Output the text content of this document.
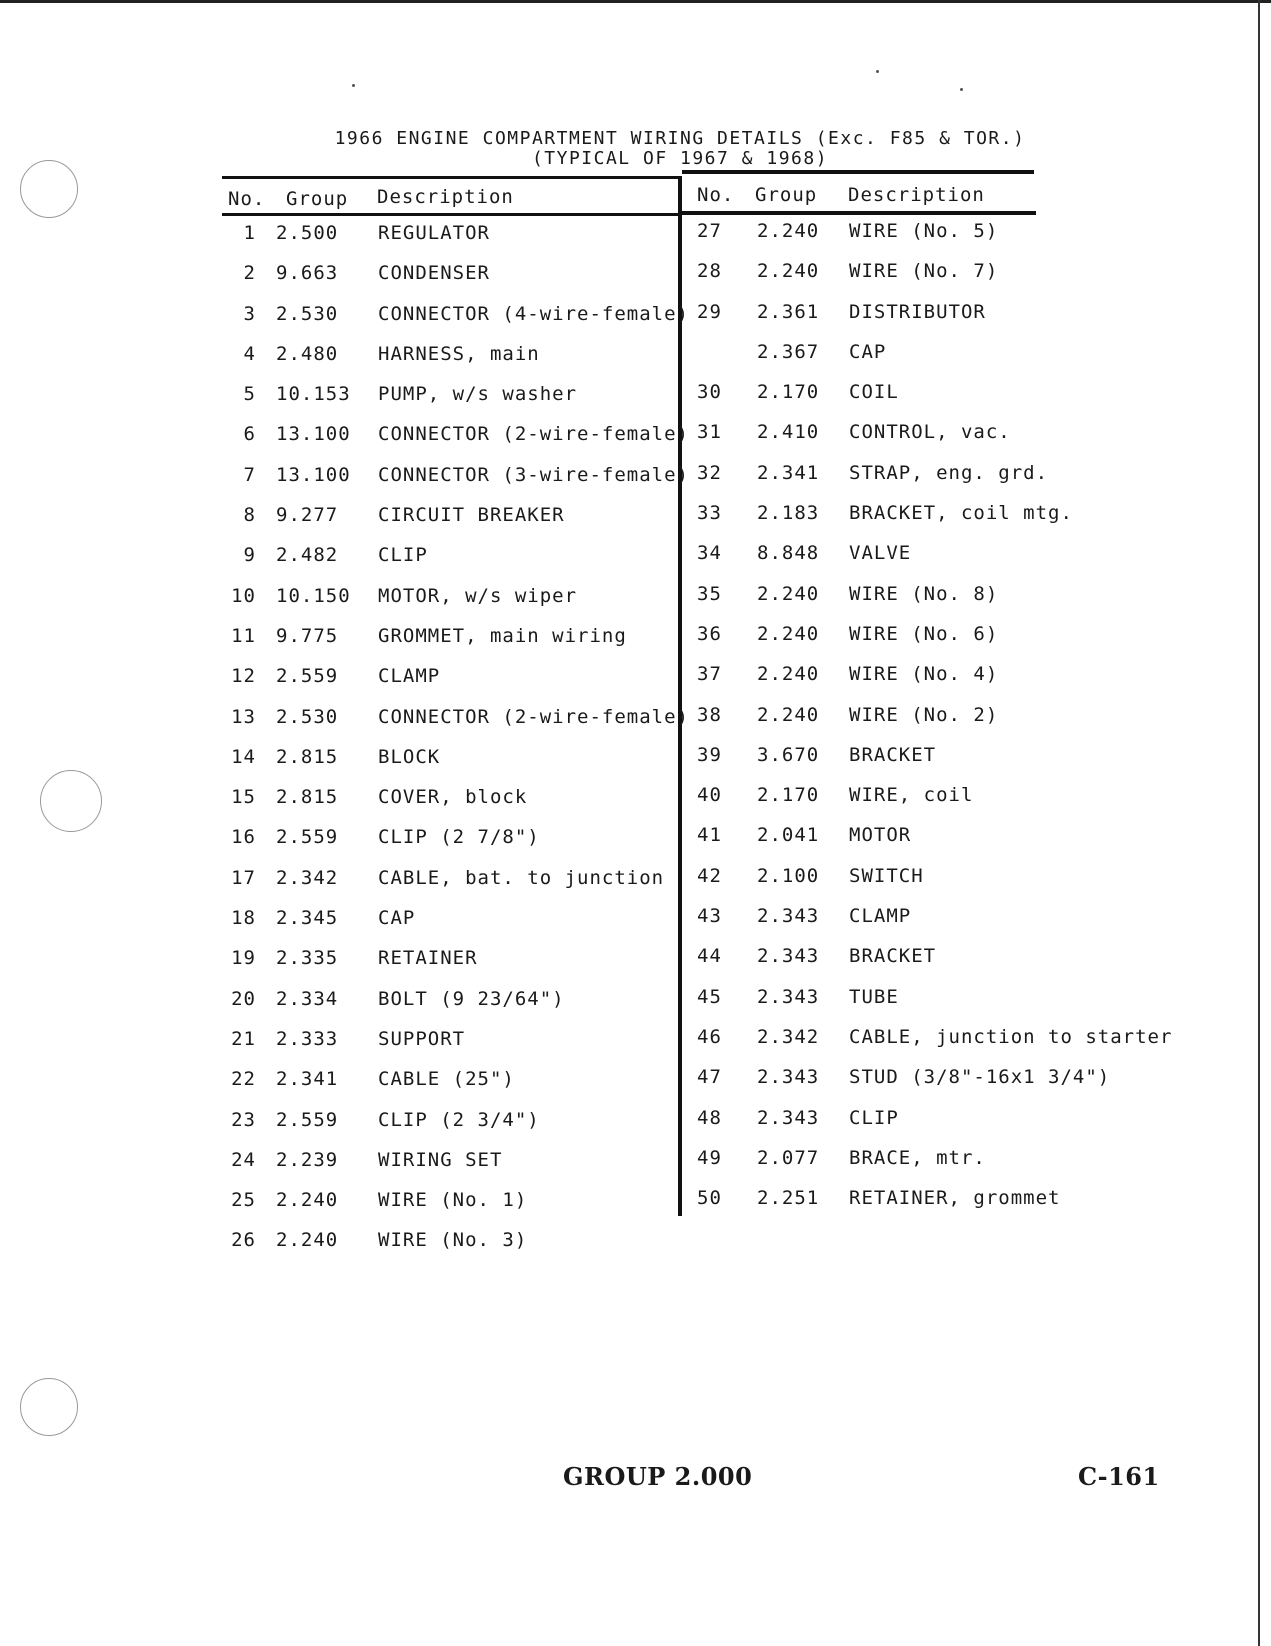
1966 ENGINE COMPARTMENT WIRING DETAILS (Exc. F85 & TOR.)
(TYPICAL OF 1967 & 1968)
No. Group Description	No. Group Description
1 2.500 REGULATOR
2 9.663 CONDENSER
3 2.530 CONNECTOR (4-wire-female)
4 2.480 HARNESS, main
5 10.153 PUMP, w/s washer
6 13.100 CONNECTOR (2-wire-female)
7 13.100 CONNECTOR (3-wire-female)
8 9.277 CIRCUIT BREAKER
9 2.482 CLIP
10 10.150 MOTOR, w/s wiper
11 9.775 GROMMET, main wiring
12 2.559 CLAMP
13 2.530 CONNECTOR (2-wire-female)
14 2.815 BLOCK
15 2.815 COVER, block
16 2.559 CLIP (2 7/8")
17 2.342 CABLE, bat. to junction
18 2.345 CAP
19 2.335 RETAINER
20 2.334 BOLT (9 23/64")
21 2.333 SUPPORT
22 2.341 CABLE (25")
23 2.559 CLIP (2 3/4")
24 2.239 WIRING SET
25 2.240 WIRE (No. 1)
26 2.240 WIRE (No. 3)
27 2.240 WIRE (No. 5)
28 2.240 WIRE (No. 7)
29 2.361 DISTRIBUTOR
2.367 CAP
30 2.170 COIL
31 2.410 CONTROL, vac.
32 2.341 STRAP, eng. grd.
33 2.183 BRACKET, coil mtg.
34 8.848 VALVE
35 2.240 WIRE (No. 8)
36 2.240 WIRE (No. 6)
37 2.240 WIRE (No. 4)
38 2.240 WIRE (No. 2)
39 3.670 BRACKET
40 2.170 WIRE, coil
41 2.041 MOTOR
42 2.100 SWITCH
43 2.343 CLAMP
44 2.343 BRACKET
45 2.343 TUBE
46 2.342 CABLE, junction to starter
47 2.343 STUD (3/8"-16x1 3/4")
48 2.343 CLIP
49 2.077 BRACE, mtr.
50 2.251 RETAINER, grommet
GROUP 2.000	C-161
